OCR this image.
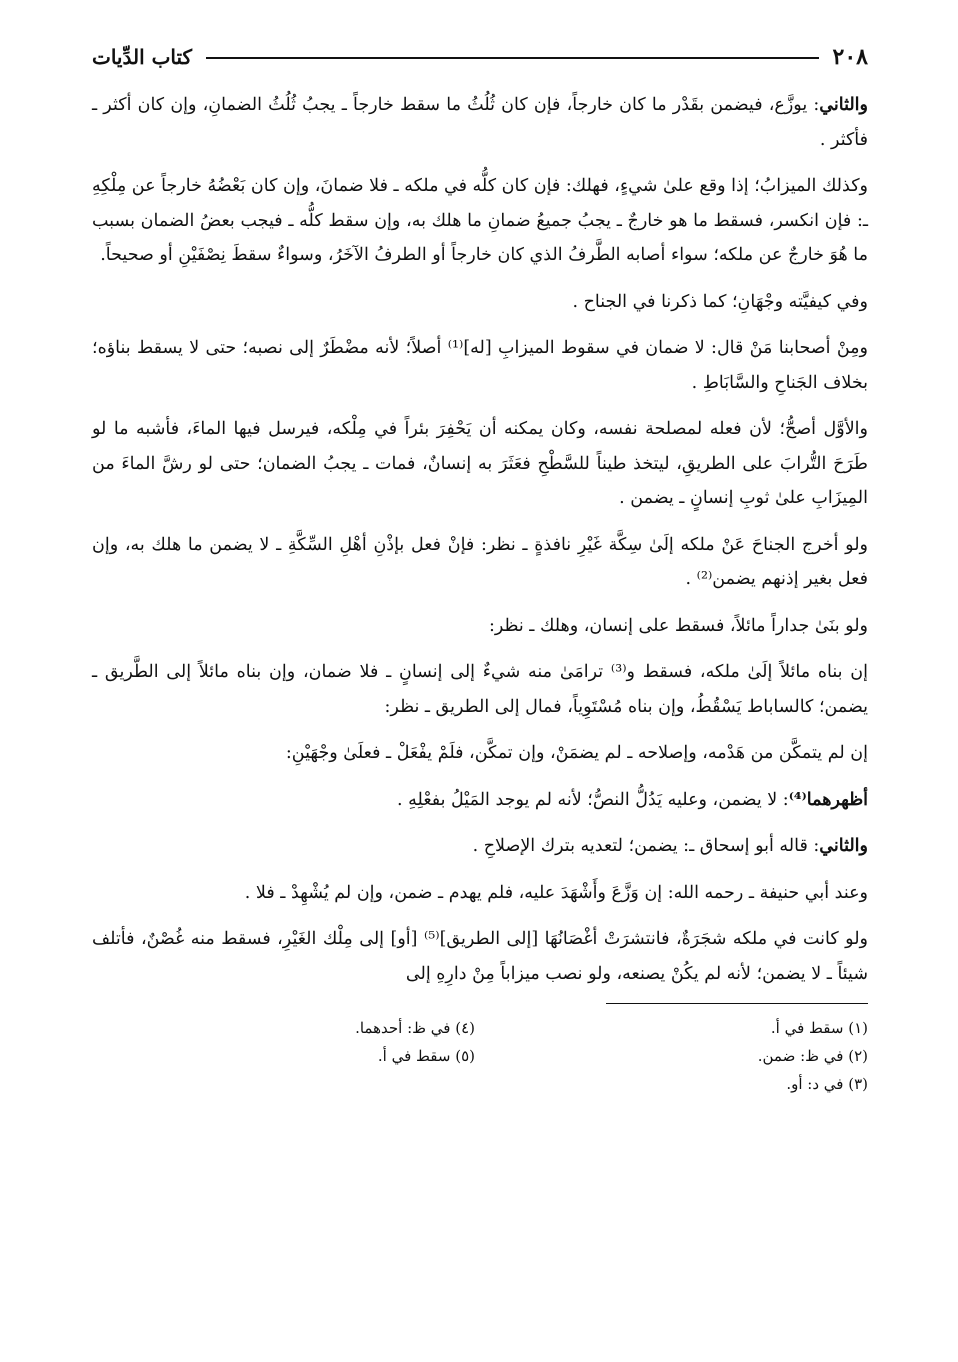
٢٠٨
كتاب الدِّيات

والثاني: يوزَّع، فيضمن بقَدْر ما كان خارجاً، فإن كان ثُلُثُ ما سقط خارجاً ـ يجبُ ثُلُثُ الضمانِ، وإن كان أكثر ـ فأكثر .

وكذلك الميزابُ؛ إذا وقع علىٰ شيءٍ، فهلك: فإن كان كلُّه في ملكه ـ فلا ضمانَ، وإن كان بَعْضُهُ خارجاً عن مِلْكِهِ ـ: فإن انكسر، فسقط ما هو خارجٌ ـ يجبُ جميعُ ضمانِ ما هلك به، وإن سقط كلُّه ـ فيجب بعضُ الضمان بسبب ما هُوَ خارجٌ عن ملكه؛ سواء أصابه الطَّرفُ الذي كان خارجاً أو الطرفُ الآخَرُ، وسواءٌ سقطَ نِصْفَيْنِ أو صحيحاً.

وفي كيفيَّته وجْهَانِ؛ كما ذكرنا في الجناح .

ومِنْ أصحابنا مَنْ قال: لا ضمان في سقوط الميزابِ [له]⁽¹⁾ أصلاً؛ لأنه مضْطَرٌ إلى نصبه؛ حتى لا يسقط بناؤه؛ بخلاف الجَناحِ والسَّابَاطِ .

والأوَّل أصحُّ؛ لأن فعله لمصلحة نفسه، وكان يمكنه أن يَحْفِرَ بئراً في مِلْكه، فيرسل فيها الماءَ، فأشبه ما لو طَرَحَ التُّرابَ على الطريقِ، ليتخذ طيناً للسَّطْحِ فعَثَرَ به إنسانٌ، فمات ـ يجبُ الضمان؛ حتى لو رشَّ الماءَ من المِيزَابِ علىٰ ثوبِ إنسانٍ ـ يضمن .

ولو أخرج الجناحَ عَنْ ملكه إلَىٰ سِكَّة غَيْرِ نافذةٍ ـ نظر: فإنْ فعل بإذْنِ أهْلِ السِّكَّةِ ـ لا يضمن ما هلك به، وإن فعل بغير إذنهم يضمن⁽²⁾ .

ولو بنَىٰ جداراً مائلاً، فسقط على إنسان، وهلك ـ نظر:

إن بناه مائلاً إلَىٰ ملكه، فسقط و⁽³⁾ ترامَىٰ منه شيءٌ إلى إنسانٍ ـ فلا ضمان، وإن بناه مائلاً إلى الطَّريق ـ يضمن؛ كالساباط يَسْقُطُ، وإن بناه مُسْتَوِياً، فمال إلى الطريق ـ نظر:

إن لم يتمكَّن من هَدْمه، وإصلاحه ـ لم يضمَنْ، وإن تمكَّن، فلَمْ يفْعَلْ ـ فعلَىٰ وجْهَيْنِ:

أظهرهما⁽⁴⁾: لا يضمن، وعليه يَدُلُّ النصُّ؛ لأنه لم يوجد المَيْلُ بفعْلِهِ .

والثاني: قاله أبو إسحاق ـ: يضمن؛ لتعديه بترك الإصلاحِ .

وعند أبي حنيفة ـ رحمه الله: إن وَزَّعَ وأَشْهَدَ عليه، فلم يهدم ـ ضمن، وإن لم يُشْهِدْ ـ فلا .

ولو كانت في ملكه شجَرَةٌ، فانتشرَتْ أغْصَانُهَا [إلى الطريق]⁽⁵⁾ [أو] إلى مِلْك الغَيْرِ، فسقط منه غُصْنٌ، فأتلف شيئاً ـ لا يضمن؛ لأنه لم يكُنْ يصنعه، ولو نصب ميزاباً مِنْ دارِهِ إلى

(١) سقط في أ.
(٢) في ظ: ضمن.
(٣) في د: أو.
(٤) في ظ: أحدهما.
(٥) سقط في أ.
